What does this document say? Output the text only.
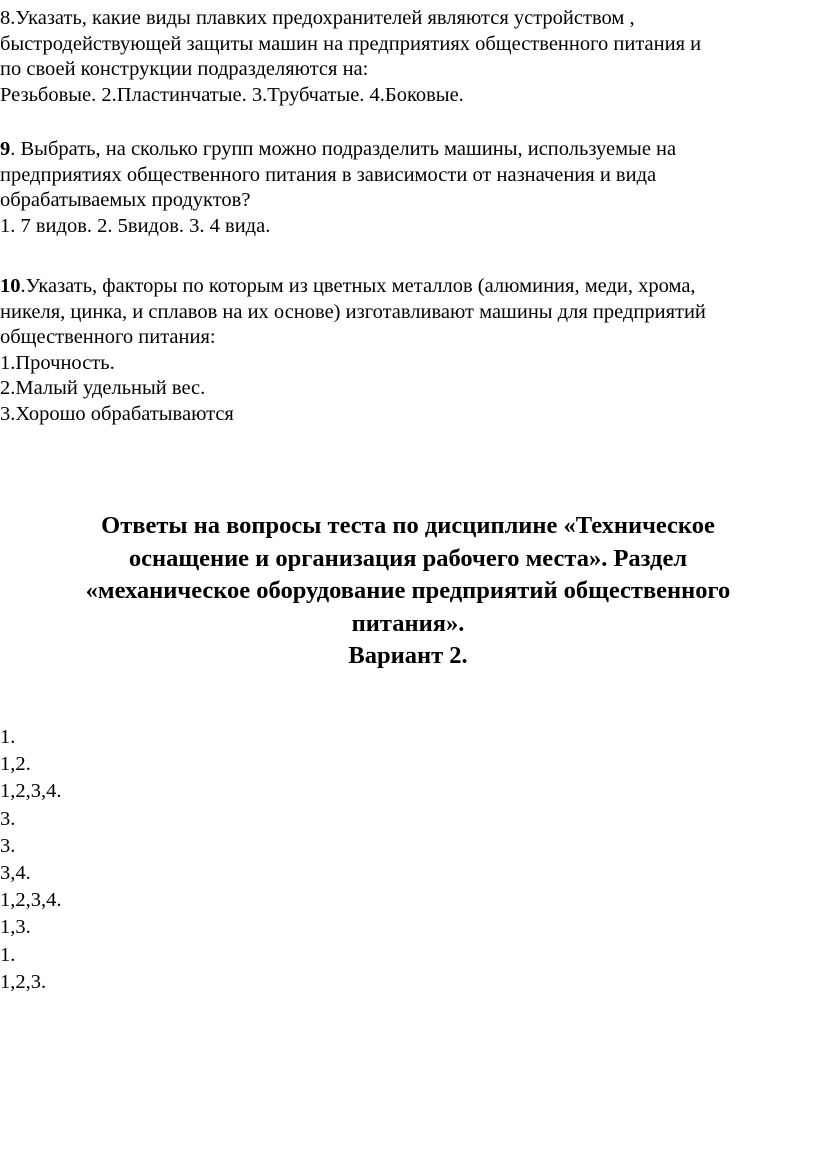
8.Указать, какие виды плавких предохранителей являются устройством ,
быстродействующей защиты машин на предприятиях общественного питания и
по своей конструкции подразделяются на:
Резьбовые. 2.Пластинчатые. 3.Трубчатые. 4.Боковые.
9. Выбрать, на сколько групп можно подразделить машины, используемые на
предприятиях общественного питания в зависимости от назначения и вида
обрабатываемых продуктов?
1. 7 видов. 2. 5видов. 3. 4 вида.
10.Указать, факторы по которым из цветных металлов (алюминия, меди, хрома,
никеля, цинка, и сплавов на их основе) изготавливают машины для предприятий
общественного питания:
1.Прочность.
2.Малый удельный вес.
3.Хорошо обрабатываются
Ответы на вопросы теста по дисциплине «Техническое
оснащение и организация рабочего места». Раздел
«механическое оборудование предприятий общественного
питания».
Вариант 2.
1.
1,2.
1,2,3,4.
3.
3.
3,4.
1,2,3,4.
1,3.
1.
1,2,3.
